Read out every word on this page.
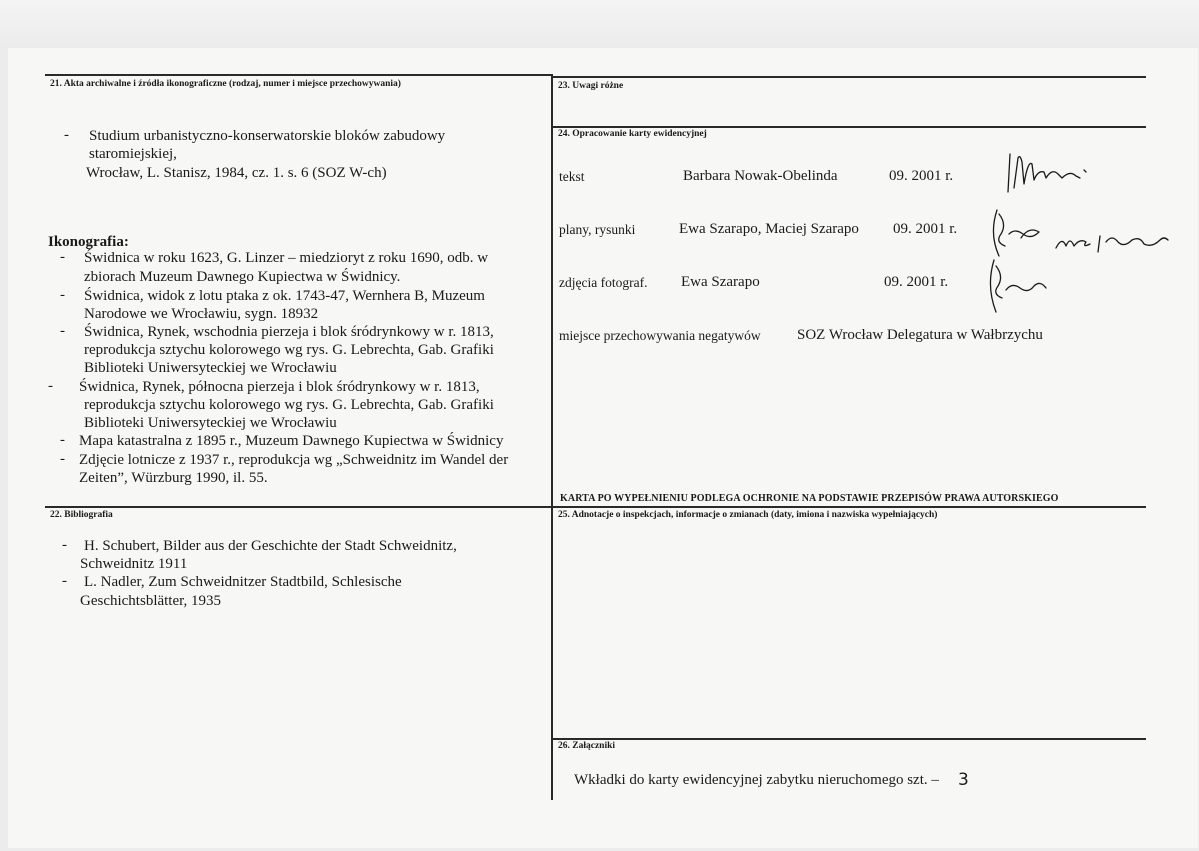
21. Akta archiwalne i źródła ikonograficzne (rodzaj, numer i miejsce przechowywania)	23. Uwagi różne
24. Opracowanie karty ewidencyjnej
22. Bibliografia	25. Adnotacje o inspekcjach, informacje o zmianach (daty, imiona i nazwiska wypełniających)
26. Załączniki
- Studium urbanistyczno-konserwatorskie bloków zabudowy
staromiejskiej,
Wrocław, L. Stanisz, 1984, cz. 1. s. 6 (SOZ W-ch)
Ikonografia:
- Świdnica w roku 1623, G. Linzer – miedzioryt z roku 1690, odb. w
zbiorach Muzeum Dawnego Kupiectwa w Świdnicy.
- Świdnica, widok z lotu ptaka z ok. 1743-47, Wernhera B, Muzeum
Narodowe we Wrocławiu, sygn. 18932
- Świdnica, Rynek, wschodnia pierzeja i blok śródrynkowy w r. 1813,
reprodukcja sztychu kolorowego wg rys. G. Lebrechta, Gab. Grafiki
Biblioteki Uniwersyteckiej we Wrocławiu
- Świdnica, Rynek, północna pierzeja i blok śródrynkowy w r. 1813,
reprodukcja sztychu kolorowego wg rys. G. Lebrechta, Gab. Grafiki
Biblioteki Uniwersyteckiej we Wrocławiu
- Mapa katastralna z 1895 r., Muzeum Dawnego Kupiectwa w Świdnicy
- Zdjęcie lotnicze z 1937 r., reprodukcja wg „Schweidnitz im Wandel der
Zeiten”, Würzburg 1990, il. 55.
- H. Schubert, Bilder aus der Geschichte der Stadt Schweidnitz,
Schweidnitz 1911
- L. Nadler, Zum Schweidnitzer Stadtbild, Schlesische
Geschichtsblätter, 1935
tekst	Barbara Nowak-Obelinda	09. 2001 r.
plany, rysunki	Ewa Szarapo, Maciej Szarapo 09. 2001 r.
zdjęcia fotograf. Ewa Szarapo	09. 2001 r.
miejsce przechowywania negatywów SOZ Wrocław Delegatura w Wałbrzychu
KARTA PO WYPEŁNIENIU PODLEGA OCHRONIE NA PODSTAWIE PRZEPISÓW PRAWA AUTORSKIEGO
Wkładki do karty ewidencyjnej zabytku nieruchomego szt. – 3
